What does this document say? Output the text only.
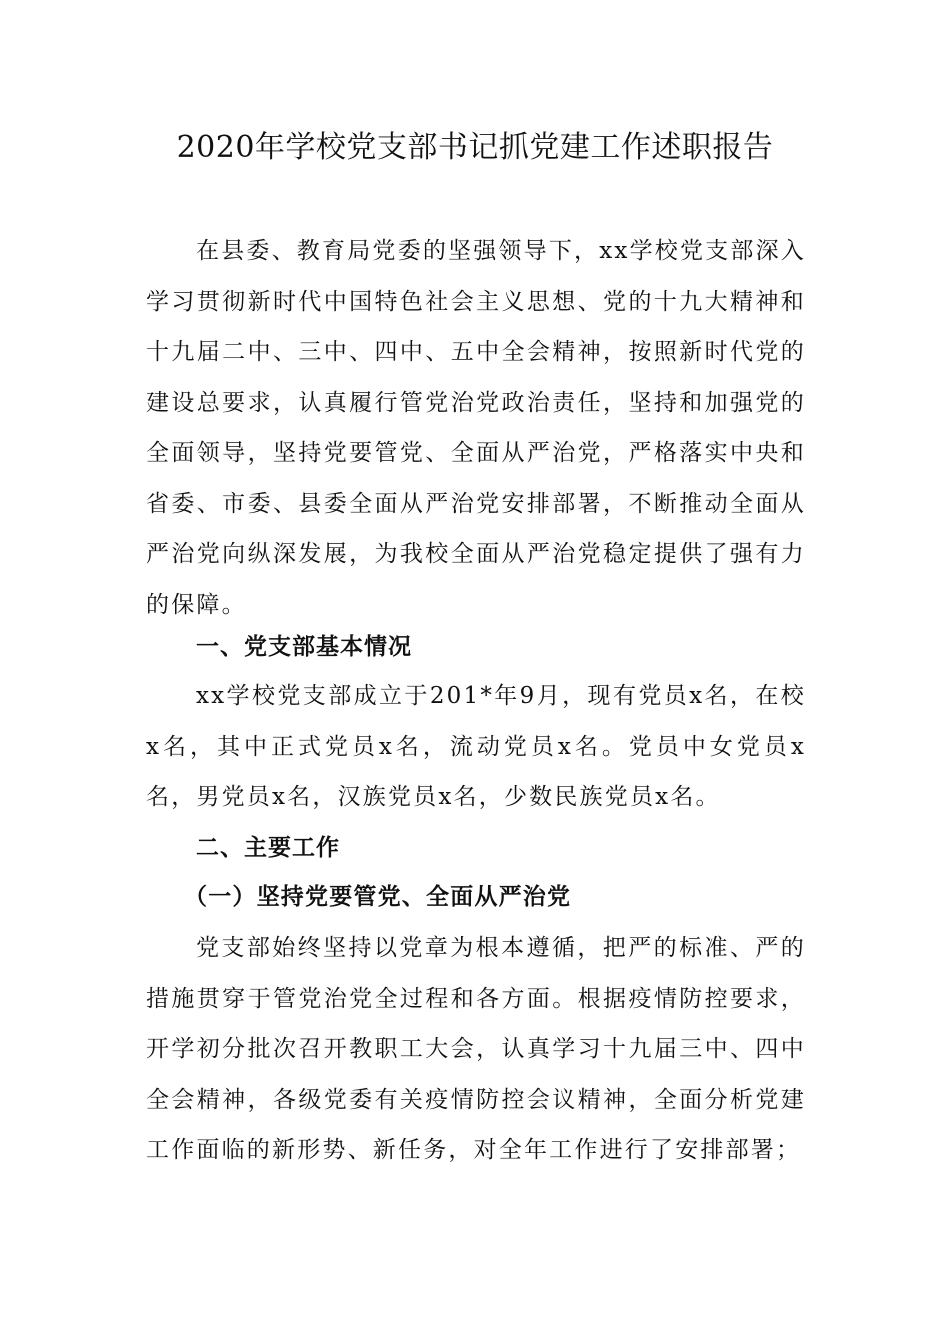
2020年学校党支部书记抓党建工作述职报告

在县委、教育局党委的坚强领导下，xx学校党支部深入学习贯彻新时代中国特色社会主义思想、党的十九大精神和十九届二中、三中、四中、五中全会精神，按照新时代党的建设总要求，认真履行管党治党政治责任，坚持和加强党的全面领导，坚持党要管党、全面从严治党，严格落实中央和省委、市委、县委全面从严治党安排部署，不断推动全面从严治党向纵深发展，为我校全面从严治党稳定提供了强有力的保障。

一、党支部基本情况

xx学校党支部成立于201*年9月，现有党员x名，在校x名，其中正式党员x名，流动党员x名。党员中女党员x名，男党员x名，汉族党员x名，少数民族党员x名。

二、主要工作
（一）坚持党要管党、全面从严治党

党支部始终坚持以党章为根本遵循，把严的标准、严的措施贯穿于管党治党全过程和各方面。根据疫情防控要求，开学初分批次召开教职工大会，认真学习十九届三中、四中全会精神，各级党委有关疫情防控会议精神，全面分析党建工作面临的新形势、新任务，对全年工作进行了安排部署；
